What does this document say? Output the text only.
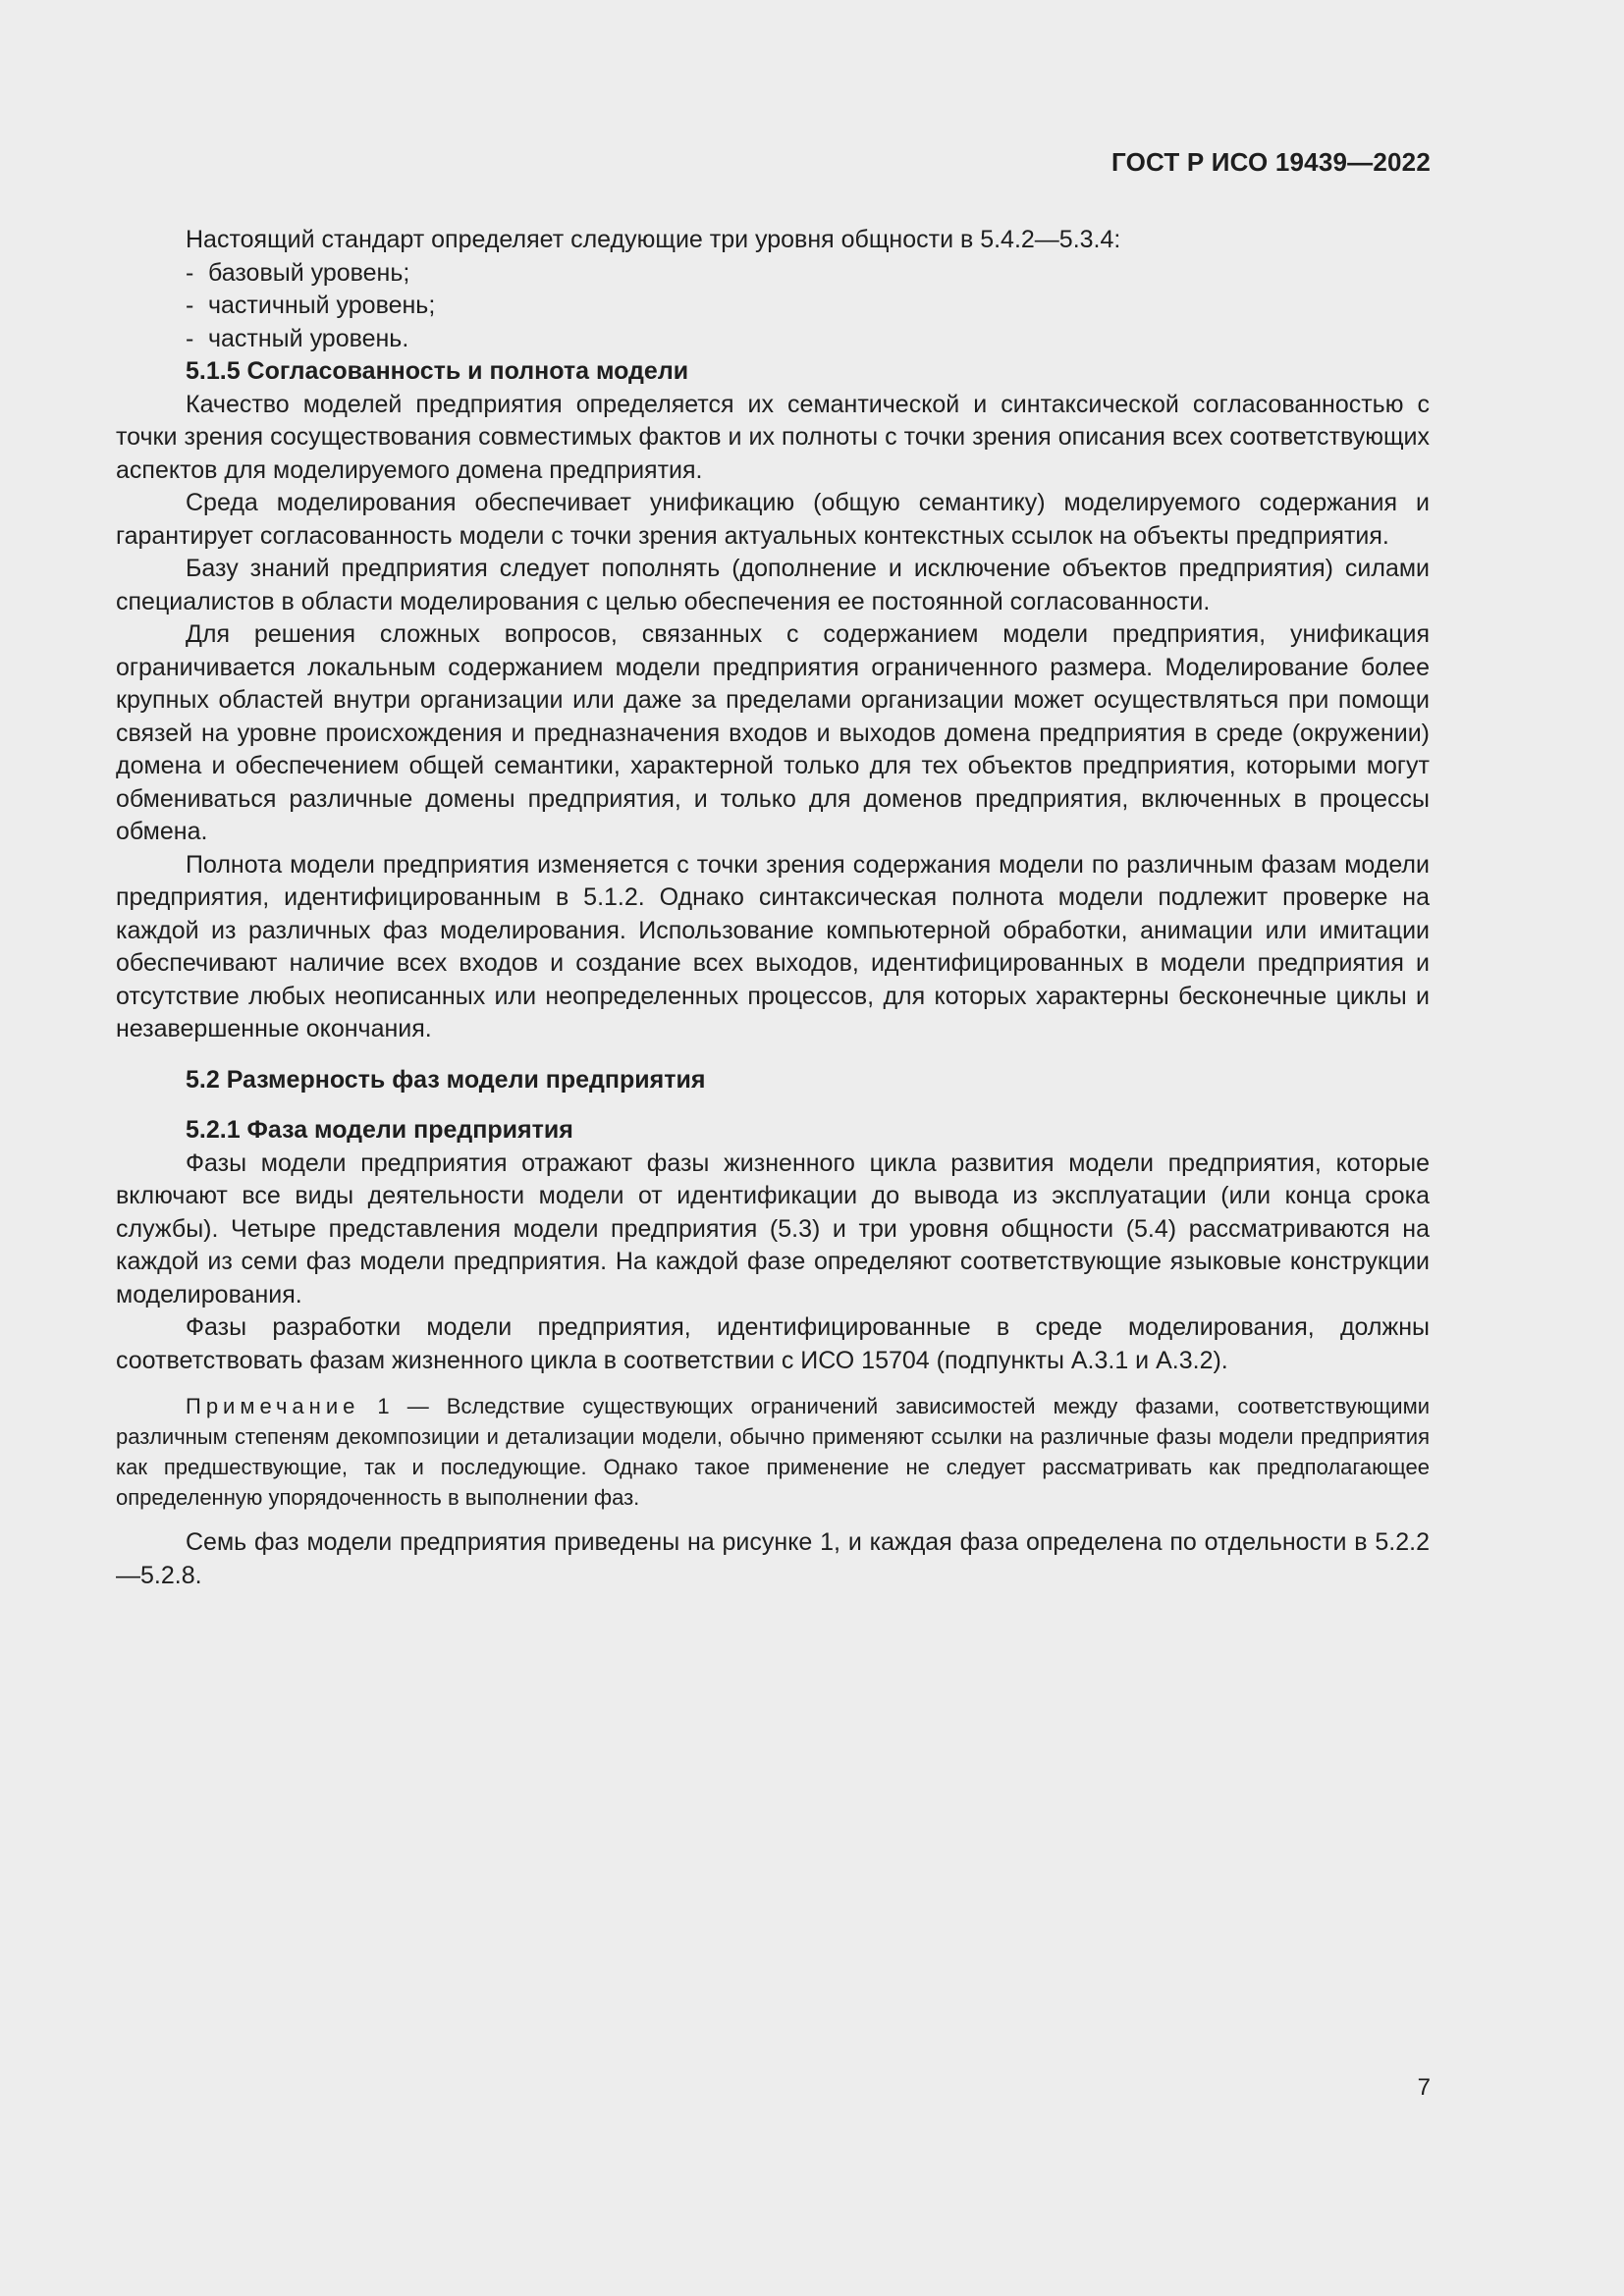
ГОСТ Р ИСО 19439—2022

Настоящий стандарт определяет следующие три уровня общности в 5.4.2—5.3.4:

- базовый уровень;

- частичный уровень;

- частный уровень.

5.1.5 Согласованность и полнота модели

Качество моделей предприятия определяется их семантической и синтаксической согласованностью с точки зрения сосуществования совместимых фактов и их полноты с точки зрения описания всех соответствующих аспектов для моделируемого домена предприятия.

Среда моделирования обеспечивает унификацию (общую семантику) моделируемого содержания и гарантирует согласованность модели с точки зрения актуальных контекстных ссылок на объекты предприятия.

Базу знаний предприятия следует пополнять (дополнение и исключение объектов предприятия) силами специалистов в области моделирования с целью обеспечения ее постоянной согласованности.

Для решения сложных вопросов, связанных с содержанием модели предприятия, унификация ограничивается локальным содержанием модели предприятия ограниченного размера. Моделирование более крупных областей внутри организации или даже за пределами организации может осуществляться при помощи связей на уровне происхождения и предназначения входов и выходов домена предприятия в среде (окружении) домена и обеспечением общей семантики, характерной только для тех объектов предприятия, которыми могут обмениваться различные домены предприятия, и только для доменов предприятия, включенных в процессы обмена.

Полнота модели предприятия изменяется с точки зрения содержания модели по различным фазам модели предприятия, идентифицированным в 5.1.2. Однако синтаксическая полнота модели подлежит проверке на каждой из различных фаз моделирования. Использование компьютерной обработки, анимации или имитации обеспечивают наличие всех входов и создание всех выходов, идентифицированных в модели предприятия и отсутствие любых неописанных или неопределенных процессов, для которых характерны бесконечные циклы и незавершенные окончания.

5.2 Размерность фаз модели предприятия

5.2.1 Фаза модели предприятия

Фазы модели предприятия отражают фазы жизненного цикла развития модели предприятия, которые включают все виды деятельности модели от идентификации до вывода из эксплуатации (или конца срока службы). Четыре представления модели предприятия (5.3) и три уровня общности (5.4) рассматриваются на каждой из семи фаз модели предприятия. На каждой фазе определяют соответствующие языковые конструкции моделирования.

Фазы разработки модели предприятия, идентифицированные в среде моделирования, должны соответствовать фазам жизненного цикла в соответствии с ИСО 15704 (подпункты А.3.1 и А.3.2).

Примечание 1 — Вследствие существующих ограничений зависимостей между фазами, соответствующими различным степеням декомпозиции и детализации модели, обычно применяют ссылки на различные фазы модели предприятия как предшествующие, так и последующие. Однако такое применение не следует рассматривать как предполагающее определенную упорядоченность в выполнении фаз.

Семь фаз модели предприятия приведены на рисунке 1, и каждая фаза определена по отдельности в 5.2.2—5.2.8.

7
